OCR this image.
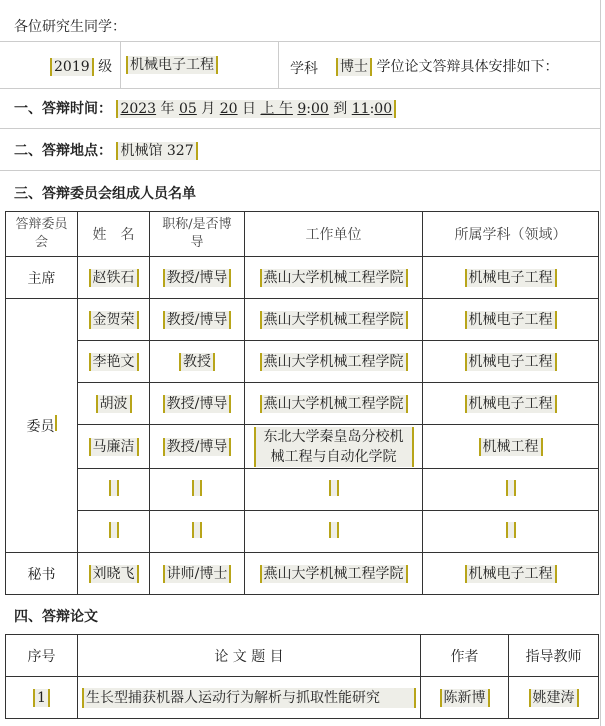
各位研究生同学：
2019 级 机械电子工程	学科 博士 学位论文答辩具体安排如下：
一、答辩时间： 2023 年 05 月 20 日 上 午 9:00 到 11:00
二、答辩地点： 机械馆 327
三、答辩委员会组成人员名单
答辩委员会	姓　名	职称/是否博导	工作单位	所属学科（领域）
主席	赵铁石	教授/博导	燕山大学机械工程学院	机械电子工程
委员	金贺荣	教授/博导	燕山大学机械工程学院	机械电子工程
	李艳文	教授	燕山大学机械工程学院	机械电子工程
	胡波	教授/博导	燕山大学机械工程学院	机械电子工程
	马廉洁	教授/博导	东北大学秦皇岛分校机械工程与自动化学院	机械工程

秘书	刘晓飞	讲师/博士	燕山大学机械工程学院	机械电子工程
四、答辩论文
序号	论 文 题 目	作者	指导教师
1	生长型捕获机器人运动行为解析与抓取性能研究	陈新博	姚建涛
